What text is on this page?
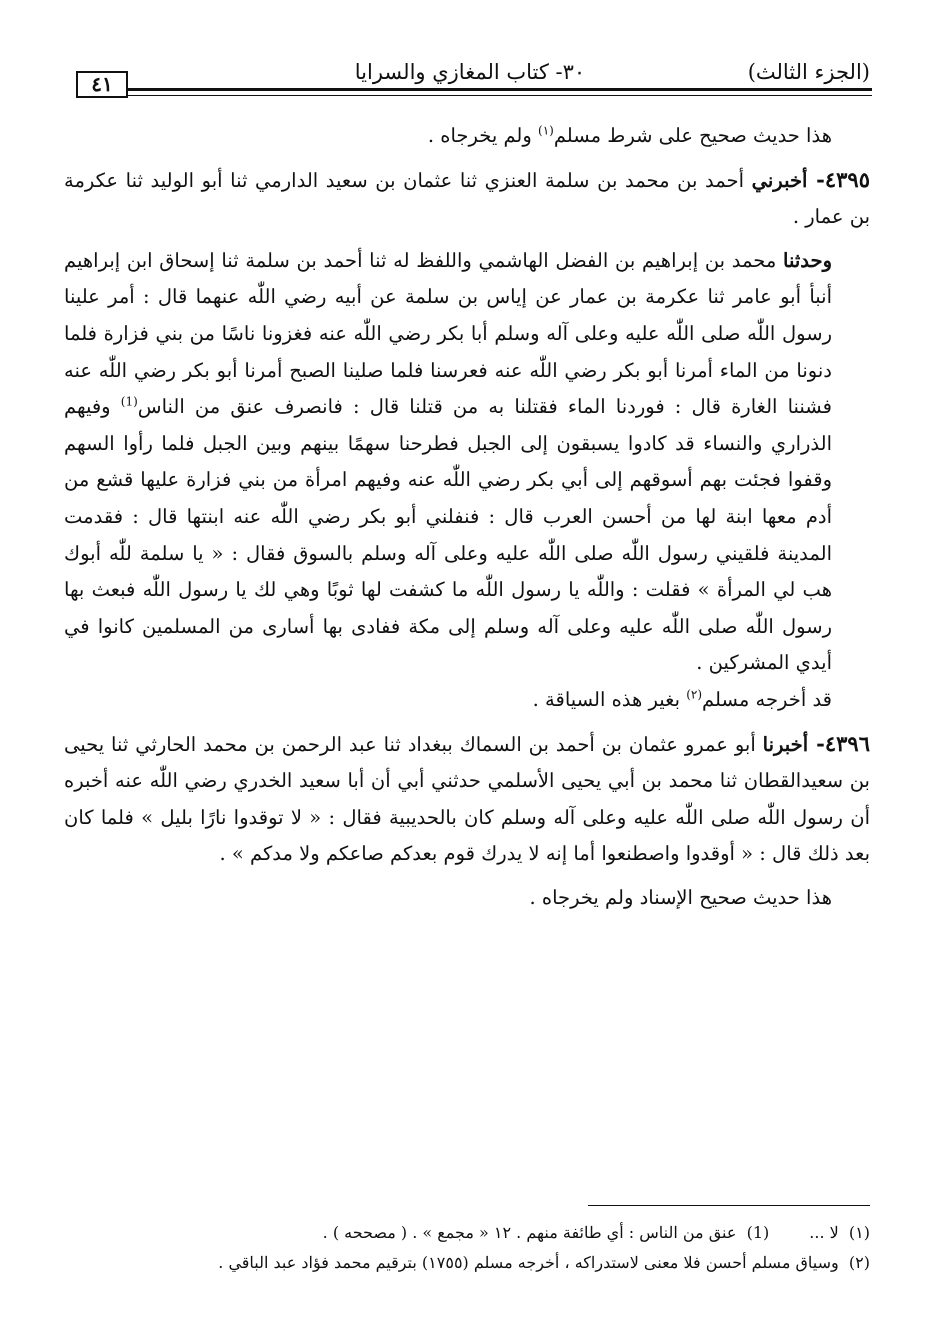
(الجزء الثالث)
٣٠- كتاب المغازي والسرايا
٤١

هذا حديث صحيح على شرط مسلم$^{(١)}$ ولم يخرجاه .

٤٣٩٥- أخبرني أحمد بن محمد بن سلمة العنزي ثنا عثمان بن سعيد الدارمي ثنا أبو الوليد ثنا عكرمة بن عمار .

وحدثنا محمد بن إبراهيم بن الفضل الهاشمي واللفظ له ثنا أحمد بن سلمة ثنا إسحاق ابن إبراهيم أنبأ أبو عامر ثنا عكرمة بن عمار عن إياس بن سلمة عن أبيه رضي اللّٰه عنهما قال : أمر علينا رسول اللّٰه صلى اللّٰه عليه وعلى آله وسلم أبا بكر رضي اللّٰه عنه فغزونا ناسًا من بني فزارة فلما دنونا من الماء أمرنا أبو بكر رضي اللّٰه عنه فعرسنا فلما صلينا الصبح أمرنا أبو بكر رضي اللّٰه عنه فشننا الغارة قال : فوردنا الماء فقتلنا به من قتلنا قال : فانصرف عنق من الناس$^{(1)}$ وفيهم الذراري والنساء قد كادوا يسبقون إلى الجبل فطرحنا سهمًا بينهم وبين الجبل فلما رأوا السهم وقفوا فجئت بهم أسوقهم إلى أبي بكر رضي اللّٰه عنه وفيهم امرأة من بني فزارة عليها قشع من أدم معها ابنة لها من أحسن العرب قال : فنفلني أبو بكر رضي اللّٰه عنه ابنتها قال : فقدمت المدينة فلقيني رسول اللّٰه صلى اللّٰه عليه وعلى آله وسلم بالسوق فقال : « يا سلمة للّٰه أبوك هب لي المرأة » فقلت : واللّٰه يا رسول اللّٰه ما كشفت لها ثوبًا وهي لك يا رسول اللّٰه فبعث بها رسول اللّٰه صلى اللّٰه عليه وعلى آله وسلم إلى مكة ففادى بها أسارى من المسلمين كانوا في أيدي المشركين .

قد أخرجه مسلم$^{(٢)}$ بغير هذه السياقة .

٤٣٩٦- أخبرنا أبو عمرو عثمان بن أحمد بن السماك ببغداد ثنا عبد الرحمن بن محمد الحارثي ثنا يحيى بن سعيدالقطان ثنا محمد بن أبي يحيى الأسلمي حدثني أبي أن أبا سعيد الخدري رضي اللّٰه عنه أخبره أن رسول اللّٰه صلى اللّٰه عليه وعلى آله وسلم كان بالحديبية فقال : « لا توقدوا نارًا بليل » فلما كان بعد ذلك قال : « أوقدوا واصطنعوا أما إنه لا يدرك قوم بعدكم صاعكم ولا مدكم » .

هذا حديث صحيح الإسناد ولم يخرجاه .

(١)  لا ...(1)  عنق من الناس : أي طائفة منهم . ١٢ « مجمع » . ( مصححه ) .

(٢)  وسياق مسلم أحسن فلا معنى لاستدراكه ، أخرجه مسلم (١٧٥٥) بترقيم محمد فؤاد عبد الباقي .
